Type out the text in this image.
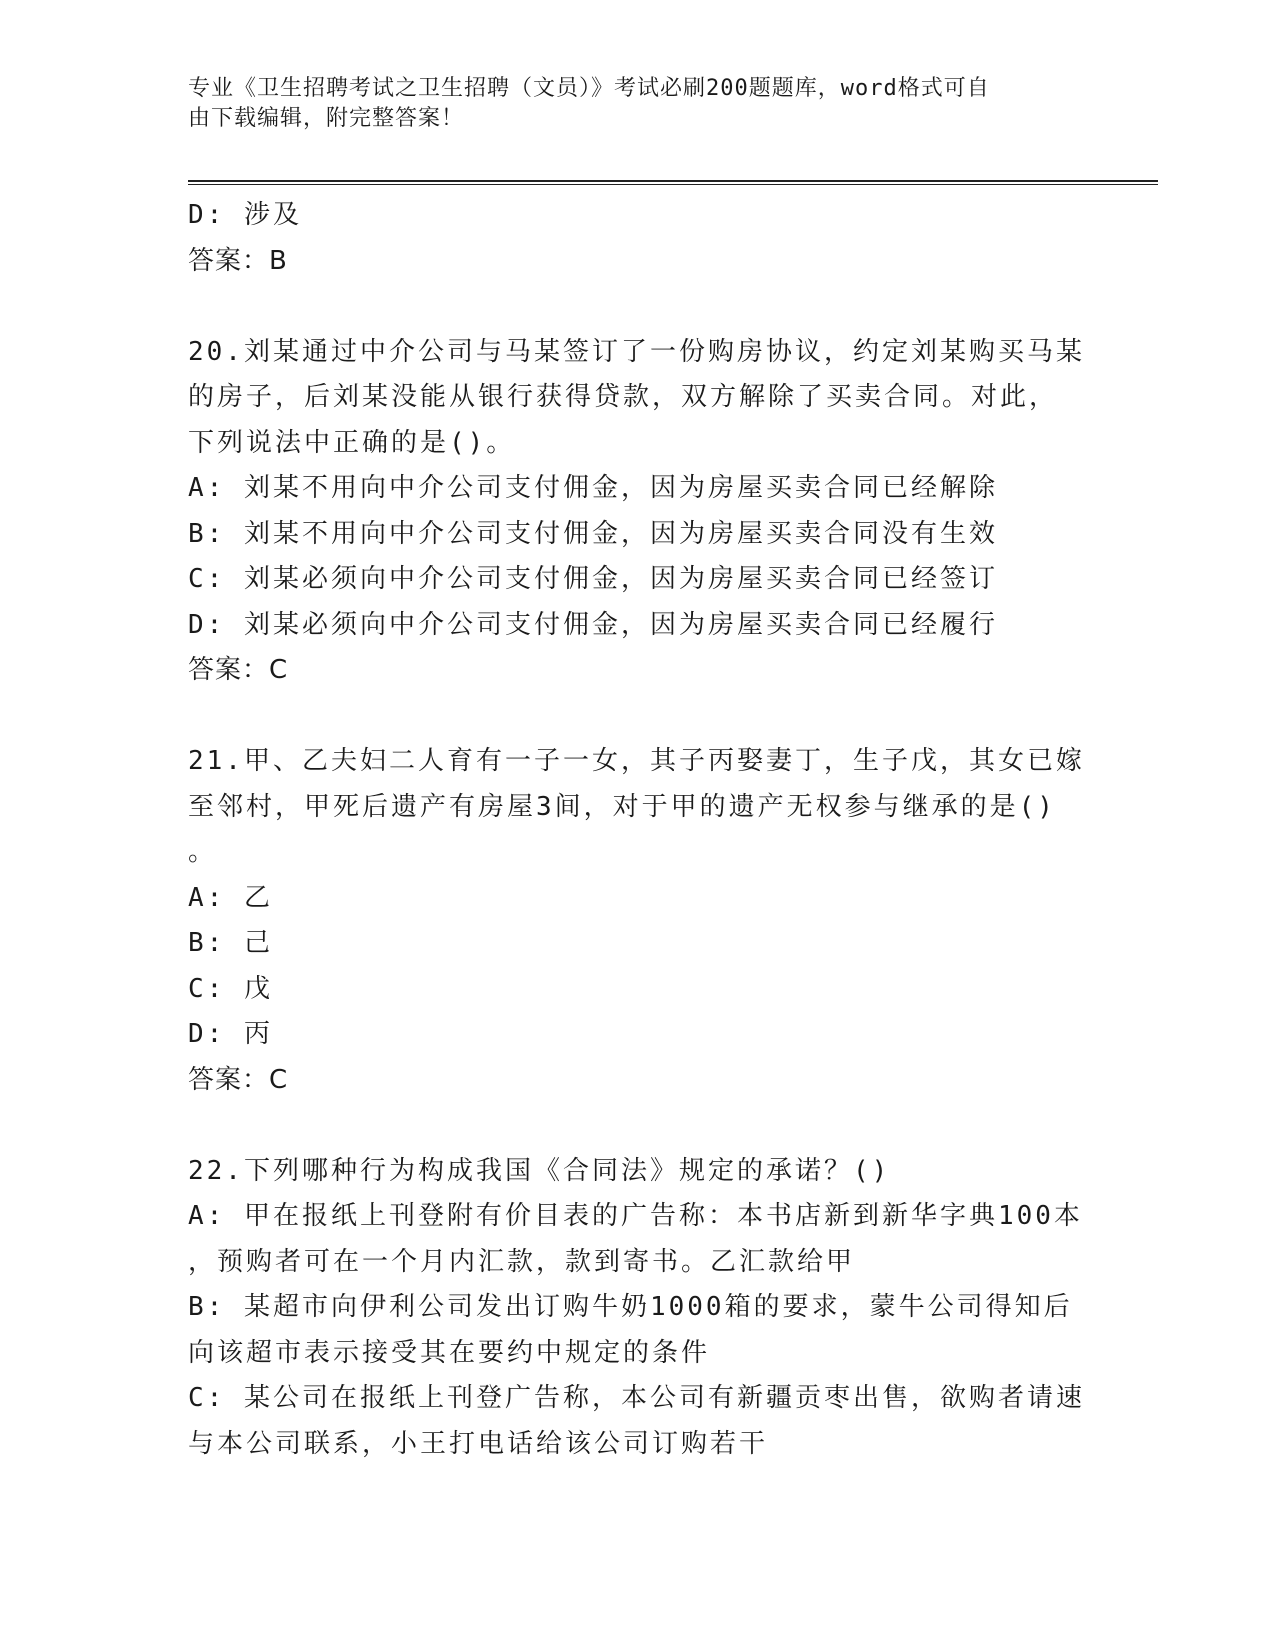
专业《卫生招聘考试之卫生招聘（文员）》考试必刷200题题库，word格式可自
由下载编辑，附完整答案！
D: 涉及
答案：B
20.刘某通过中介公司与马某签订了一份购房协议，约定刘某购买马某
的房子，后刘某没能从银行获得贷款，双方解除了买卖合同。对此，
下列说法中正确的是()。
A: 刘某不用向中介公司支付佣金，因为房屋买卖合同已经解除
B: 刘某不用向中介公司支付佣金，因为房屋买卖合同没有生效
C: 刘某必须向中介公司支付佣金，因为房屋买卖合同已经签订
D: 刘某必须向中介公司支付佣金，因为房屋买卖合同已经履行
答案：C
21.甲、乙夫妇二人育有一子一女，其子丙娶妻丁，生子戊，其女已嫁
至邻村，甲死后遗产有房屋3间，对于甲的遗产无权参与继承的是()
。
A: 乙
B: 己
C: 戊
D: 丙
答案：C
22.下列哪种行为构成我国《合同法》规定的承诺？()
A: 甲在报纸上刊登附有价目表的广告称：本书店新到新华字典100本
，预购者可在一个月内汇款，款到寄书。乙汇款给甲
B: 某超市向伊利公司发出订购牛奶1000箱的要求，蒙牛公司得知后
向该超市表示接受其在要约中规定的条件
C: 某公司在报纸上刊登广告称，本公司有新疆贡枣出售，欲购者请速
与本公司联系，小王打电话给该公司订购若干
